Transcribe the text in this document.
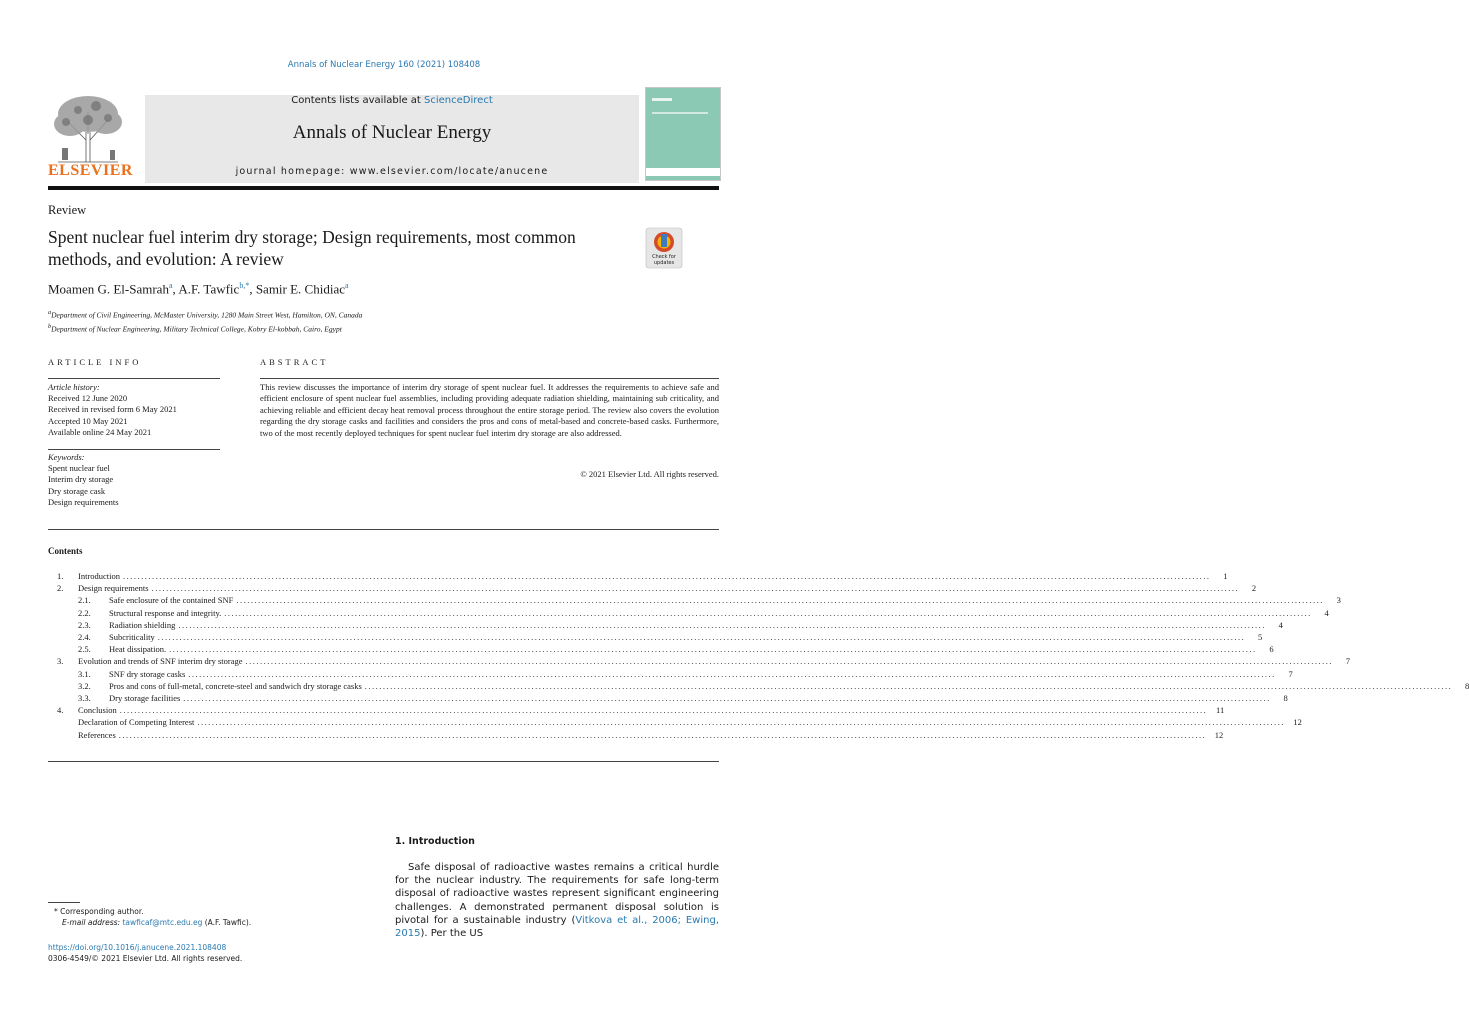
Annals of Nuclear Energy 160 (2021) 108408
Contents lists available at ScienceDirect
Annals of Nuclear Energy
journal homepage: www.elsevier.com/locate/anucene
ELSEVIER
Review
Spent nuclear fuel interim dry storage; Design requirements, most common methods, and evolution: A review	Check for
updates
Moamen G. El-Samrah$^a$, A.F. Tawfic$^{b,*}$, Samir E. Chidiac$^a$
$^a$Department of Civil Engineering, McMaster University, 1280 Main Street West, Hamilton, ON, Canada
$^b$Department of Nuclear Engineering, Military Technical College, Kobry El-kobbah, Cairo, Egypt
ARTICLE INFO	ABSTRACT
Article history:
Received 12 June 2020
Received in revised form 6 May 2021
Accepted 10 May 2021
Available online 24 May 2021
Keywords:
Spent nuclear fuel
Interim dry storage
Dry storage cask
Design requirements
This review discusses the importance of interim dry storage of spent nuclear fuel. It addresses the requirements to achieve safe and efficient enclosure of spent nuclear fuel assemblies, including providing adequate radiation shielding, maintaining sub criticality, and achieving reliable and efficient decay heat removal process throughout the entire storage period. The review also covers the evolution regarding the dry storage casks and facilities and considers the pros and cons of metal-based and concrete-based casks. Furthermore, two of the most recently deployed techniques for spent nuclear fuel interim dry storage are also addressed.
© 2021 Elsevier Ltd. All rights reserved.
Contents
1.	Introduction ............................................................................................................................................................................................................................................................................................................	1
2.	Design requirements ............................................................................................................................................................................................................................................................................................................	2
2.1.	Safe enclosure of the contained SNF ............................................................................................................................................................................................................................................................................................................	3
2.2.	Structural response and integrity. ............................................................................................................................................................................................................................................................................................................	4
2.3.	Radiation shielding ............................................................................................................................................................................................................................................................................................................	4
2.4.	Subcriticality ............................................................................................................................................................................................................................................................................................................	5
2.5.	Heat dissipation. ............................................................................................................................................................................................................................................................................................................	6
3.	Evolution and trends of SNF interim dry storage ............................................................................................................................................................................................................................................................................................................	7
3.1.	SNF dry storage casks ............................................................................................................................................................................................................................................................................................................	7
3.2.	Pros and cons of full-metal, concrete-steel and sandwich dry storage casks ............................................................................................................................................................................................................................................................................................................	8
3.3.	Dry storage facilities ............................................................................................................................................................................................................................................................................................................	8
4.	Conclusion ............................................................................................................................................................................................................................................................................................................	11
Declaration of Competing Interest ............................................................................................................................................................................................................................................................................................................	12
References ............................................................................................................................................................................................................................................................................................................	12
1. Introduction

Safe disposal of radioactive wastes remains a critical hurdle for the nuclear industry. The requirements for safe long-term disposal of radioactive wastes represent significant engineering challenges. A demonstrated permanent disposal solution is pivotal for a sustainable industry (Vitkova et al., 2006; Ewing, 2015). Per the US

* Corresponding author.
E-mail address: tawficaf@mtc.edu.eg (A.F. Tawfic).
https://doi.org/10.1016/j.anucene.2021.108408
0306-4549/© 2021 Elsevier Ltd. All rights reserved.
